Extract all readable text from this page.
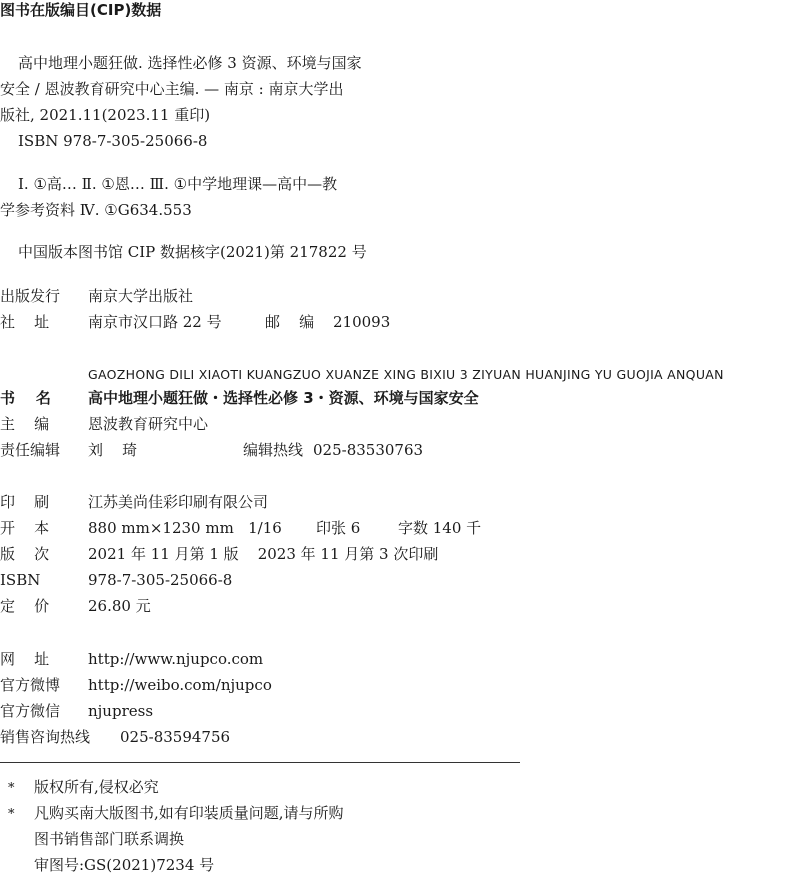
图书在版编目(CIP)数据
高中地理小题狂做. 选择性必修 3 资源、环境与国家
安全 / 恩波教育研究中心主编. — 南京 : 南京大学出
版社, 2021.11(2023.11 重印)
ISBN 978-7-305-25066-8
Ⅰ. ①高… Ⅱ. ①恩… Ⅲ. ①中学地理课—高中—教
学参考资料 Ⅳ. ①G634.553
中国版本图书馆 CIP 数据核字(2021)第 217822 号
出版发行 南京大学出版社
社    址	南京市汉口路 22 号	邮    编 210093
GAOZHONG DILI XIAOTI KUANGZUO XUANZE XING BIXIU 3 ZIYUAN HUANJING YU GUOJIA ANQUAN
书    名 高中地理小题狂做・选择性必修 3・资源、环境与国家安全
主    编	恩波教育研究中心
责任编辑 刘    琦	编辑热线 025-83530763
印    刷	江苏美尚佳彩印刷有限公司
开    本	880 mm×1230 mm   1/16 印张 6	字数 140 千
版    次	2021 年 11 月第 1 版    2023 年 11 月第 3 次印刷
ISBN	978-7-305-25066-8
定    价	26.80 元
网    址	http://www.njupco.com
官方微博 http://weibo.com/njupco
官方微信 njupress
销售咨询热线 025-83594756
* 版权所有,侵权必究
* 凡购买南大版图书,如有印装质量问题,请与所购
图书销售部门联系调换
审图号:GS(2021)7234 号
